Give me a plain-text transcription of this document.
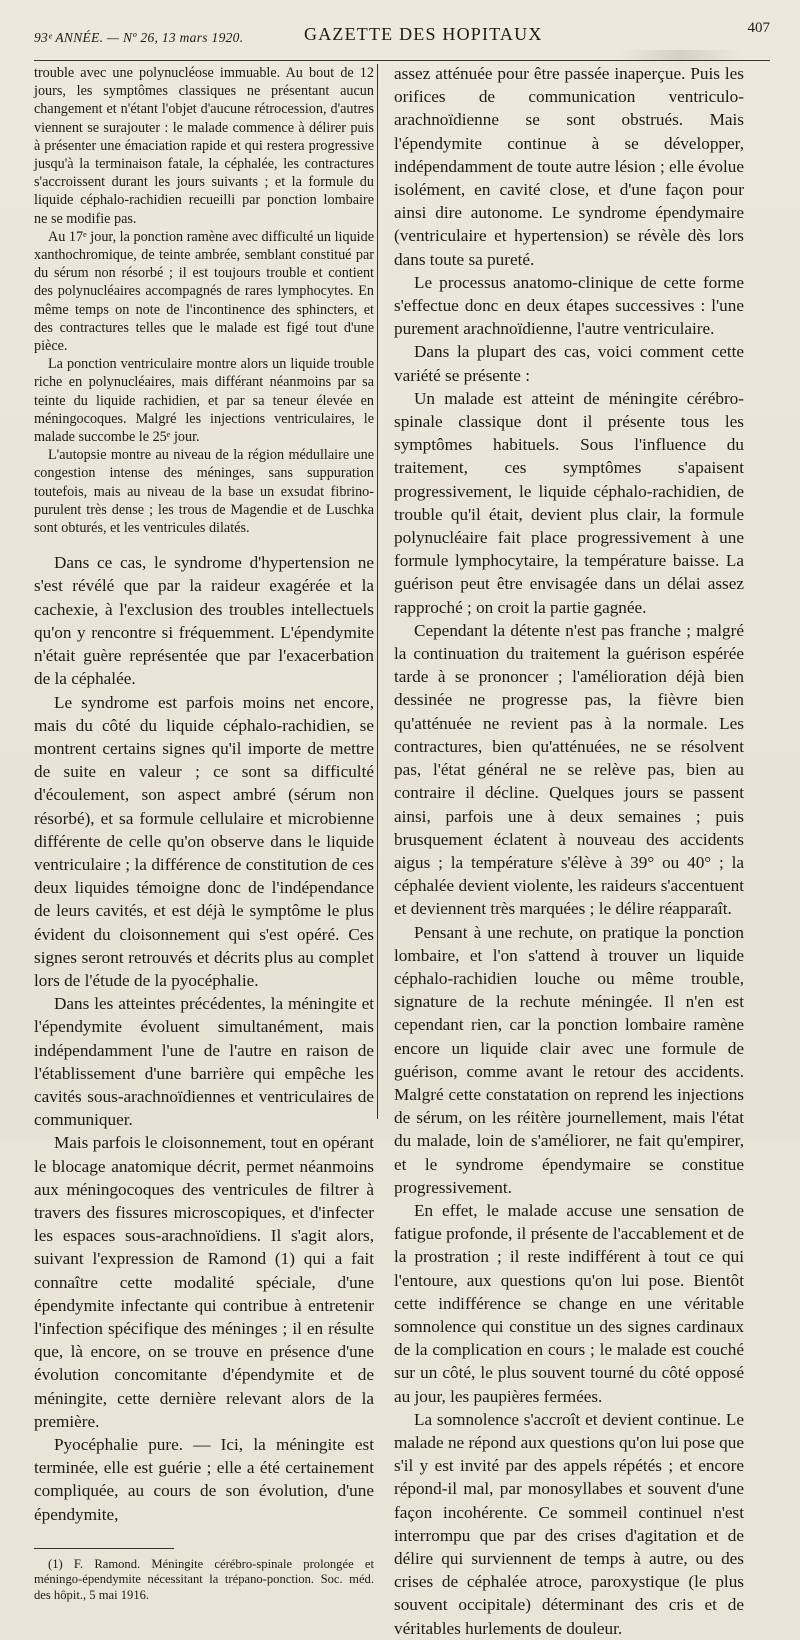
93ᵉ ANNÉE. — Nº 26, 13 mars 1920.	GAZETTE DES HOPITAUX	407

trouble avec une polynucléose immuable. Au bout de 12 jours, les symptômes classiques ne présentant aucun changement et n'étant l'objet d'aucune rétrocession, d'autres viennent se surajouter : le malade commence à délirer puis à présenter une émaciation rapide et qui restera progressive jusqu'à la terminaison fatale, la céphalée, les contractures s'accroissent durant les jours suivants ; et la formule du liquide céphalo-rachidien recueilli par ponction lombaire ne se modifie pas.

Au 17ᵉ jour, la ponction ramène avec difficulté un liquide xanthochromique, de teinte ambrée, semblant constitué par du sérum non résorbé ; il est toujours trouble et contient des polynucléaires accompagnés de rares lymphocytes. En même temps on note de l'incontinence des sphincters, et des contractures telles que le malade est figé tout d'une pièce.

La ponction ventriculaire montre alors un liquide trouble riche en polynucléaires, mais différant néanmoins par sa teinte du liquide rachidien, et par sa teneur élevée en méningocoques. Malgré les injections ventriculaires, le malade succombe le 25ᵉ jour.

L'autopsie montre au niveau de la région médullaire une congestion intense des méninges, sans suppuration toutefois, mais au niveau de la base un exsudat fibrino-purulent très dense ; les trous de Magendie et de Luschka sont obturés, et les ventricules dilatés.

Dans ce cas, le syndrome d'hypertension ne s'est révélé que par la raideur exagérée et la cachexie, à l'exclusion des troubles intellectuels qu'on y rencontre si fréquemment. L'épendymite n'était guère représentée que par l'exacerbation de la céphalée.

Le syndrome est parfois moins net encore, mais du côté du liquide céphalo-rachidien, se montrent certains signes qu'il importe de mettre de suite en valeur ; ce sont sa difficulté d'écoulement, son aspect ambré (sérum non résorbé), et sa formule cellulaire et microbienne différente de celle qu'on observe dans le liquide ventriculaire ; la différence de constitution de ces deux liquides témoigne donc de l'indépendance de leurs cavités, et est déjà le symptôme le plus évident du cloisonnement qui s'est opéré. Ces signes seront retrouvés et décrits plus au complet lors de l'étude de la pyocéphalie.

Dans les atteintes précédentes, la méningite et l'épendymite évoluent simultanément, mais indépendamment l'une de l'autre en raison de l'établissement d'une barrière qui empêche les cavités sous-arachnoïdiennes et ventriculaires de communiquer.

Mais parfois le cloisonnement, tout en opérant le blocage anatomique décrit, permet néanmoins aux méningocoques des ventricules de filtrer à travers des fissures microscopiques, et d'infecter les espaces sous-arachnoïdiens. Il s'agit alors, suivant l'expression de Ramond (1) qui a fait connaître cette modalité spéciale, d'une épendymite infectante qui contribue à entretenir l'infection spécifique des méninges ; il en résulte que, là encore, on se trouve en présence d'une évolution concomitante d'épendymite et de méningite, cette dernière relevant alors de la première.

Pyocéphalie pure. — Ici, la méningite est terminée, elle est guérie ; elle a été certainement compliquée, au cours de son évolution, d'une épendymite,

(1) F. Ramond. Méningite cérébro-spinale prolongée et méningo-épendymite nécessitant la trépano-ponction. Soc. méd. des hôpit., 5 mai 1916.

assez atténuée pour être passée inaperçue. Puis les orifices de communication ventriculo-arachnoïdienne se sont obstrués. Mais l'épendymite continue à se développer, indépendamment de toute autre lésion ; elle évolue isolément, en cavité close, et d'une façon pour ainsi dire autonome. Le syndrome épendymaire (ventriculaire et hypertension) se révèle dès lors dans toute sa pureté.

Le processus anatomo-clinique de cette forme s'effectue donc en deux étapes successives : l'une purement arachnoïdienne, l'autre ventriculaire.

Dans la plupart des cas, voici comment cette variété se présente :

Un malade est atteint de méningite cérébro-spinale classique dont il présente tous les symptômes habituels. Sous l'influence du traitement, ces symptômes s'apaisent progressivement, le liquide céphalo-rachidien, de trouble qu'il était, devient plus clair, la formule polynucléaire fait place progressivement à une formule lymphocytaire, la température baisse. La guérison peut être envisagée dans un délai assez rapproché ; on croit la partie gagnée.

Cependant la détente n'est pas franche ; malgré la continuation du traitement la guérison espérée tarde à se prononcer ; l'amélioration déjà bien dessinée ne progresse pas, la fièvre bien qu'atténuée ne revient pas à la normale. Les contractures, bien qu'atténuées, ne se résolvent pas, l'état général ne se relève pas, bien au contraire il décline. Quelques jours se passent ainsi, parfois une à deux semaines ; puis brusquement éclatent à nouveau des accidents aigus ; la température s'élève à 39° ou 40° ; la céphalée devient violente, les raideurs s'accentuent et deviennent très marquées ; le délire réapparaît.

Pensant à une rechute, on pratique la ponction lombaire, et l'on s'attend à trouver un liquide céphalo-rachidien louche ou même trouble, signature de la rechute méningée. Il n'en est cependant rien, car la ponction lombaire ramène encore un liquide clair avec une formule de guérison, comme avant le retour des accidents. Malgré cette constatation on reprend les injections de sérum, on les réitère journellement, mais l'état du malade, loin de s'améliorer, ne fait qu'empirer, et le syndrome épendymaire se constitue progressivement.

En effet, le malade accuse une sensation de fatigue profonde, il présente de l'accablement et de la prostration ; il reste indifférent à tout ce qui l'entoure, aux questions qu'on lui pose. Bientôt cette indifférence se change en une véritable somnolence qui constitue un des signes cardinaux de la complication en cours ; le malade est couché sur un côté, le plus souvent tourné du côté opposé au jour, les paupières fermées.

La somnolence s'accroît et devient continue. Le malade ne répond aux questions qu'on lui pose que s'il y est invité par des appels répétés ; et encore répond-il mal, par monosyllabes et souvent d'une façon incohérente. Ce sommeil continuel n'est interrompu que par des crises d'agitation et de délire qui surviennent de temps à autre, ou des crises de céphalée atroce, paroxystique (le plus souvent occipitale) déterminant des cris et de véritables hurlements de douleur.
